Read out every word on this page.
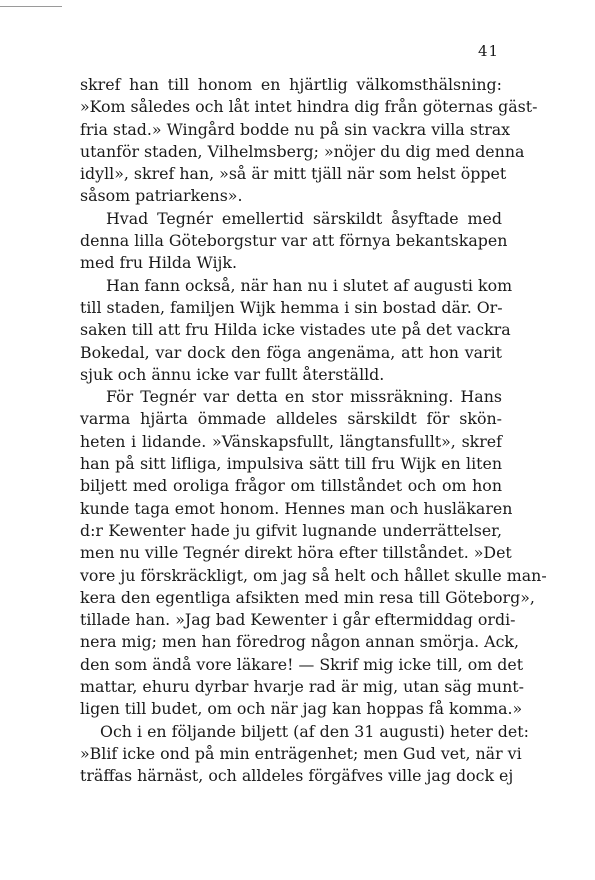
41
skref han till honom en hjärtlig välkomsthälsning:
»Kom således och låt intet hindra dig från göternas gäst-
fria stad.» Wingård bodde nu på sin vackra villa strax
utanför staden, Vilhelmsberg; »nöjer du dig med denna
idyll», skref han, »så är mitt tjäll när som helst öppet
såsom patriarkens».
Hvad Tegnér emellertid särskildt åsyftade med
denna lilla Göteborgstur var att förnya bekantskapen
med fru Hilda Wijk.
Han fann också, när han nu i slutet af augusti kom
till staden, familjen Wijk hemma i sin bostad där. Or-
saken till att fru Hilda icke vistades ute på det vackra
Bokedal, var dock den föga angenäma, att hon varit
sjuk och ännu icke var fullt återställd.
För Tegnér var detta en stor missräkning. Hans
varma hjärta ömmade alldeles särskildt för skön-
heten i lidande. »Vänskapsfullt, längtansfullt», skref
han på sitt lifliga, impulsiva sätt till fru Wijk en liten
biljett med oroliga frågor om tillståndet och om hon
kunde taga emot honom. Hennes man och husläkaren
d:r Kewenter hade ju gifvit lugnande underrättelser,
men nu ville Tegnér direkt höra efter tillståndet. »Det
vore ju förskräckligt, om jag så helt och hållet skulle man-
kera den egentliga afsikten med min resa till Göteborg»,
tillade han. »Jag bad Kewenter i går eftermiddag ordi-
nera mig; men han föredrog någon annan smörja. Ack,
den som ändå vore läkare! — Skrif mig icke till, om det
mattar, ehuru dyrbar hvarje rad är mig, utan säg munt-
ligen till budet, om och när jag kan hoppas få komma.»
Och i en följande biljett (af den 31 augusti) heter det:
»Blif icke ond på min enträgenhet; men Gud vet, när vi
träffas härnäst, och alldeles förgäfves ville jag dock ej
